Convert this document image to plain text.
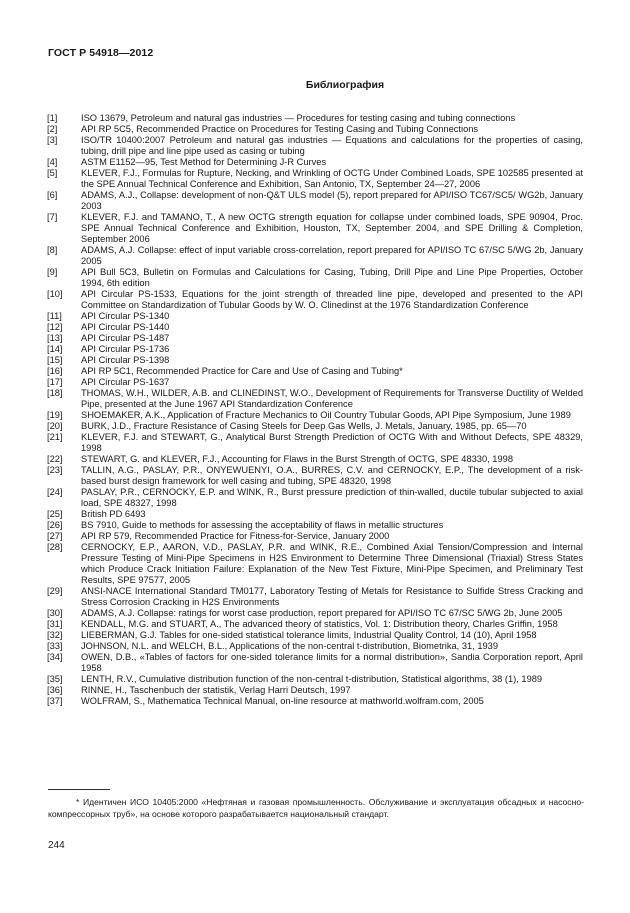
ГОСТ Р 54918—2012
Библиография
[1]	ISO 13679, Petroleum and natural gas industries — Procedures for testing casing and tubing connections
[2]	API RP 5C5, Recommended Practice on Procedures for Testing Casing and Tubing Connections
[3]	ISO/TR 10400:2007 Petroleum and natural gas industries — Equations and calculations for the properties of casing, tubing, drill pipe and line pipe used as casing or tubing
[4]	ASTM E1152—95, Test Method for Determining J-R Curves
[5]	KLEVER, F.J., Formulas for Rupture, Necking, and Wrinkling of OCTG Under Combined Loads, SPE 102585 presented at the SPE Annual Technical Conference and Exhibition, San Antonio, TX, September 24—27, 2006
[6]	ADAMS, A.J., Collapse: development of non-Q&T ULS model (5), report prepared for API/ISO TC67/SC5/ WG2b, January 2003
[7]	KLEVER, F.J. and TAMANO, T., A new OCTG strength equation for collapse under combined loads, SPE 90904, Proc. SPE Annual Technical Conference and Exhibition, Houston, TX, September 2004, and SPE Drilling & Completion, September 2006
[8]	ADAMS, A.J. Collapse: effect of input variable cross-correlation, report prepared for API/ISO TC 67/SC 5/WG 2b, January 2005
[9]	API Bull 5C3, Bulletin on Formulas and Calculations for Casing, Tubing, Drill Pipe and Line Pipe Properties, October 1994, 6th edition
[10]	API Circular PS-1533, Equations for the joint strength of threaded line pipe, developed and presented to the API Committee on Standardization of Tubular Goods by W. O. Clinedinst at the 1976 Standardization Conference
[11]	API Circular PS-1340
[12]	API Circular PS-1440
[13]	API Circular PS-1487
[14]	API Circular PS-1736
[15]	API Circular PS-1398
[16]	API RP 5C1, Recommended Practice for Care and Use of Casing and Tubing*
[17]	API Circular PS-1637
[18]	THOMAS, W.H., WILDER, A.B. and CLINEDINST, W.O., Development of Requirements for Transverse Ductility of Welded Pipe, presented at the June 1967 API Standardization Conference
[19]	SHOEMAKER, A.K., Application of Fracture Mechanics to Oil Country Tubular Goods, API Pipe Symposium, June 1989
[20]	BURK, J.D., Fracture Resistance of Casing Steels for Deep Gas Wells, J. Metals, January, 1985, pp. 65—70
[21]	KLEVER, F.J. and STEWART, G., Analytical Burst Strength Prediction of OCTG With and Without Defects, SPE 48329, 1998
[22]	STEWART, G. and KLEVER, F.J., Accounting for Flaws in the Burst Strength of OCTG, SPE 48330, 1998
[23]	TALLIN, A.G., PASLAY, P.R., ONYEWUENYI, O.A., BURRES, C.V. and CERNOCKY, E.P., The development of a risk-based burst design framework for well casing and tubing, SPE 48320, 1998
[24]	PASLAY, P.R., CERNOCKY, E.P. and WINK, R., Burst pressure prediction of thin-walled, ductile tubular subjected to axial load, SPE 48327, 1998
[25]	British PD 6493
[26]	BS 7910, Guide to methods for assessing the acceptability of flaws in metallic structures
[27]	API RP 579, Recommended Practice for Fitness-for-Service, January 2000
[28]	CERNOCKY, E.P., AARON, V.D., PASLAY, P.R. and WINK, R.E., Combined Axial Tension/Compression and Internal Pressure Testing of Mini-Pipe Specimens in H2S Environment to Determine Three Dimensional (Triaxial) Stress States which Produce Crack Initiation Failure: Explanation of the New Test Fixture, Mini-Pipe Specimen, and Preliminary Test Results, SPE 97577, 2005
[29]	ANSI-NACE International Standard TM0177, Laboratory Testing of Metals for Resistance to Sulfide Stress Cracking and Stress Corrosion Cracking in H2S Environments
[30]	ADAMS, A.J. Collapse: ratings for worst case production, report prepared for API/ISO TC 67/SC 5/WG 2b, June 2005
[31]	KENDALL, M.G. and STUART, A., The advanced theory of statistics, Vol. 1: Distribution theory, Charles Griffin, 1958
[32]	LIEBERMAN, G.J. Tables for one-sided statistical tolerance limits, Industrial Quality Control, 14 (10), April 1958
[33]	JOHNSON, N.L. and WELCH, B.L., Applications of the non-central t-distribution, Biometrika, 31, 1939
[34]	OWEN, D.B., «Tables of factors for one-sided tolerance limits for a normal distribution», Sandia Corporation report, April 1958
[35]	LENTH, R.V., Cumulative distribution function of the non-central t-distribution, Statistical algorithms, 38 (1), 1989
[36]	RINNE, H., Taschenbuch der statistik, Verlag Harri Deutsch, 1997
[37]	WOLFRAM, S., Mathematica Technical Manual, on-line resource at mathworld.wolfram.com, 2005
* Идентичен ИСО 10405:2000 «Нефтяная и газовая промышленность. Обслуживание и эксплуатация обсадных и насосно-компрессорных труб», на основе которого разрабатывается национальный стандарт.
244
